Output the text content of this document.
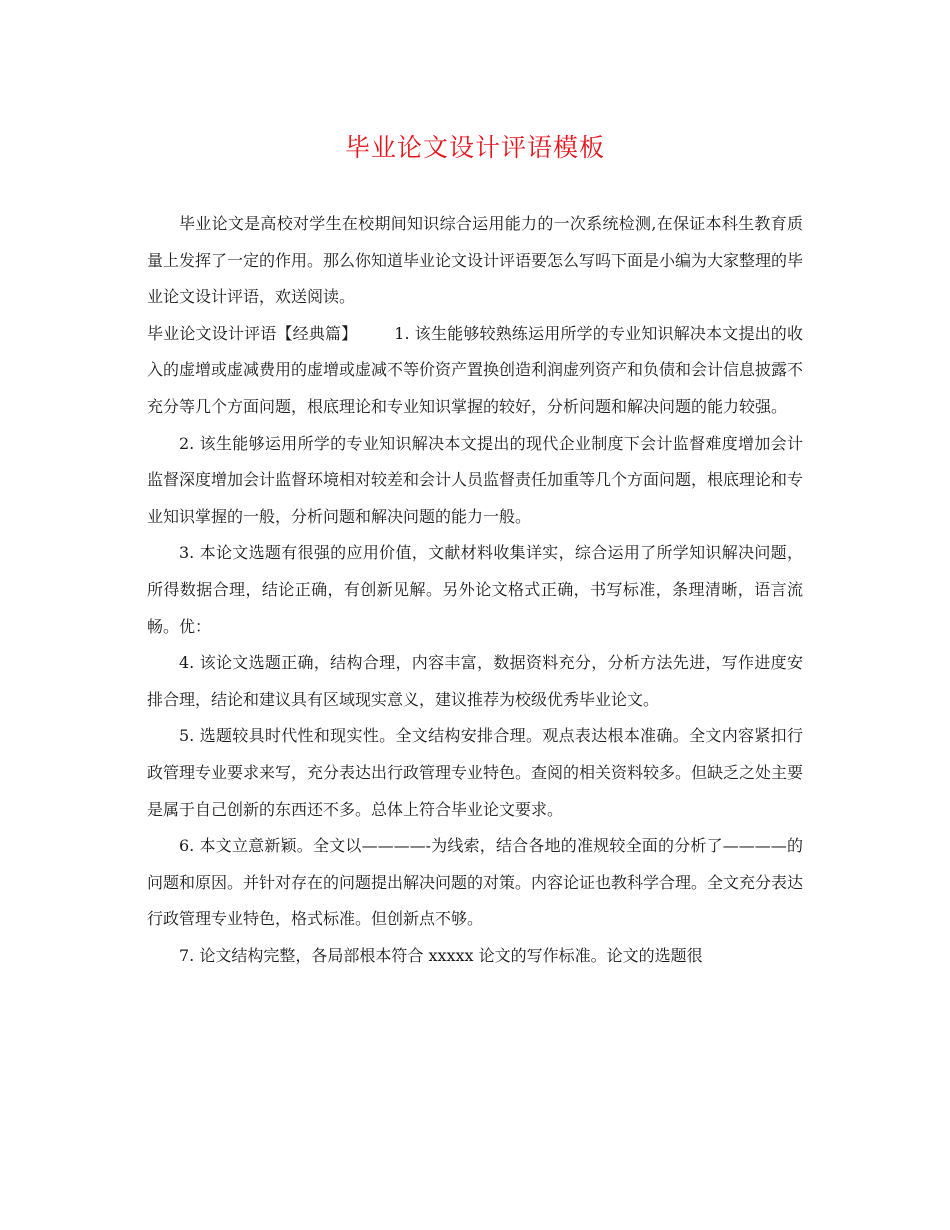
毕业论文设计评语模板

毕业论文是高校对学生在校期间知识综合运用能力的一次系统检测,在保证本科生教育质量上发挥了一定的作用。那么你知道毕业论文设计评语要怎么写吗下面是小编为大家整理的毕业论文设计评语，欢送阅读。

毕业论文设计评语【经典篇】 1. 该生能够较熟练运用所学的专业知识解决本文提出的收入的虚增或虚减费用的虚增或虚减不等价资产置换创造利润虚列资产和负债和会计信息披露不充分等几个方面问题，根底理论和专业知识掌握的较好，分析问题和解决问题的能力较强。

2. 该生能够运用所学的专业知识解决本文提出的现代企业制度下会计监督难度增加会计监督深度增加会计监督环境相对较差和会计人员监督责任加重等几个方面问题，根底理论和专业知识掌握的一般，分析问题和解决问题的能力一般。

3. 本论文选题有很强的应用价值，文献材料收集详实，综合运用了所学知识解决问题，所得数据合理，结论正确，有创新见解。另外论文格式正确，书写标准，条理清晰，语言流畅。优：

4. 该论文选题正确，结构合理，内容丰富，数据资料充分，分析方法先进，写作进度安排合理，结论和建议具有区域现实意义，建议推荐为校级优秀毕业论文。

5. 选题较具时代性和现实性。全文结构安排合理。观点表达根本准确。全文内容紧扣行政管理专业要求来写，充分表达出行政管理专业特色。查阅的相关资料较多。但缺乏之处主要是属于自己创新的东西还不多。总体上符合毕业论文要求。

6. 本文立意新颖。全文以————-为线索，结合各地的准规较全面的分析了————的问题和原因。并针对存在的问题提出解决问题的对策。内容论证也教科学合理。全文充分表达行政管理专业特色，格式标准。但创新点不够。

7. 论文结构完整，各局部根本符合 xxxxx 论文的写作标准。论文的选题很
